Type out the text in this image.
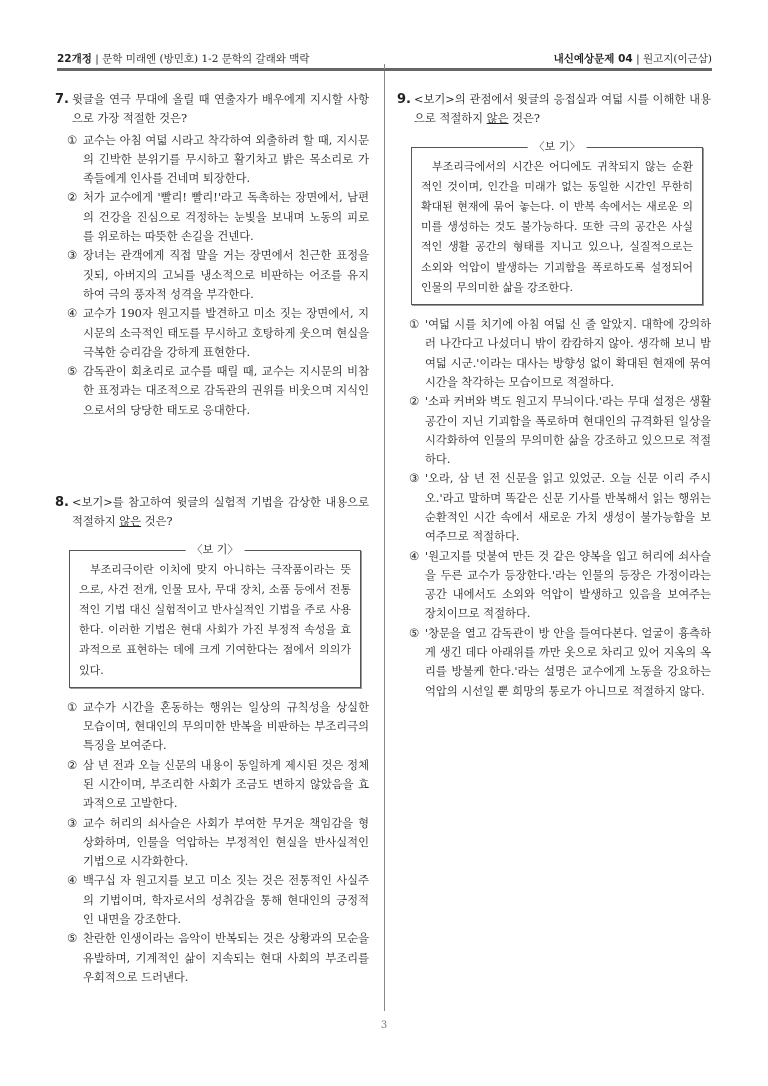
22개정 | 문학 미래엔 (방민호) 1-2 문학의 갈래와 맥락	내신예상문제 04 | 원고지(이근삼)
7. 윗글을 연극 무대에 올릴 때 연출자가 배우에게 지시할 사항으로 가장 적절한 것은?
① 교수는 아침 여덟 시라고 착각하여 외출하려 할 때, 지시문의 긴박한 분위기를 무시하고 활기차고 밝은 목소리로 가족들에게 인사를 건네며 퇴장한다.
② 처가 교수에게 '빨리! 빨리!'라고 독촉하는 장면에서, 남편의 건강을 진심으로 걱정하는 눈빛을 보내며 노동의 피로를 위로하는 따뜻한 손길을 건넨다.
③ 장녀는 관객에게 직접 말을 거는 장면에서 친근한 표정을 짓되, 아버지의 고뇌를 냉소적으로 비판하는 어조를 유지하여 극의 풍자적 성격을 부각한다.
④ 교수가 190자 원고지를 발견하고 미소 짓는 장면에서, 지시문의 소극적인 태도를 무시하고 호탕하게 웃으며 현실을 극복한 승리감을 강하게 표현한다.
⑤ 감독관이 회초리로 교수를 때릴 때, 교수는 지시문의 비참한 표정과는 대조적으로 감독관의 권위를 비웃으며 지식인으로서의 당당한 태도로 응대한다.
8. <보기>를 참고하여 윗글의 실험적 기법을 감상한 내용으로 적절하지 않은 것은?
〈보 기〉

부조리극이란 이치에 맞지 아니하는 극작품이라는 뜻으로, 사건 전개, 인물 묘사, 무대 장치, 소품 등에서 전통적인 기법 대신 실험적이고 반사실적인 기법을 주로 사용한다. 이러한 기법은 현대 사회가 가진 부정적 속성을 효과적으로 표현하는 데에 크게 기여한다는 점에서 의의가 있다.

① 교수가 시간을 혼동하는 행위는 일상의 규칙성을 상실한 모습이며, 현대인의 무의미한 반복을 비판하는 부조리극의 특징을 보여준다.
② 삼 년 전과 오늘 신문의 내용이 동일하게 제시된 것은 정체된 시간이며, 부조리한 사회가 조금도 변하지 않았음을 효과적으로 고발한다.
③ 교수 허리의 쇠사슬은 사회가 부여한 무거운 책임감을 형상화하며, 인물을 억압하는 부정적인 현실을 반사실적인 기법으로 시각화한다.
④ 백구십 자 원고지를 보고 미소 짓는 것은 전통적인 사실주의 기법이며, 학자로서의 성취감을 통해 현대인의 긍정적인 내면을 강조한다.
⑤ 찬란한 인생이라는 음악이 반복되는 것은 상황과의 모순을 유발하며, 기계적인 삶이 지속되는 현대 사회의 부조리를 우회적으로 드러낸다.
9. <보기>의 관점에서 윗글의 응접실과 여덟 시를 이해한 내용으로 적절하지 않은 것은?
〈보 기〉

부조리극에서의 시간은 어디에도 귀착되지 않는 순환적인 것이며, 인간을 미래가 없는 동일한 시간인 무한히 확대된 현재에 묶어 놓는다. 이 반복 속에서는 새로운 의미를 생성하는 것도 불가능하다. 또한 극의 공간은 사실적인 생활 공간의 형태를 지니고 있으나, 실질적으로는 소외와 억압이 발생하는 기괴함을 폭로하도록 설정되어 인물의 무의미한 삶을 강조한다.

① '여덟 시를 치기에 아침 여덟 신 줄 알았지. 대학에 강의하러 나간다고 나섰더니 밖이 캄캄하지 않아. 생각해 보니 밤 여덟 시군.'이라는 대사는 방향성 없이 확대된 현재에 묶여 시간을 착각하는 모습이므로 적절하다.
② '소파 커버와 벽도 원고지 무늬이다.'라는 무대 설정은 생활 공간이 지닌 기괴함을 폭로하며 현대인의 규격화된 일상을 시각화하여 인물의 무의미한 삶을 강조하고 있으므로 적절하다.
③ '오라, 삼 년 전 신문을 읽고 있었군. 오늘 신문 이리 주시오.'라고 말하며 똑같은 신문 기사를 반복해서 읽는 행위는 순환적인 시간 속에서 새로운 가치 생성이 불가능함을 보여주므로 적절하다.
④ '원고지를 덧붙여 만든 것 같은 양복을 입고 허리에 쇠사슬을 두른 교수가 등장한다.'라는 인물의 등장은 가정이라는 공간 내에서도 소외와 억압이 발생하고 있음을 보여주는 장치이므로 적절하다.
⑤ '창문을 열고 감독관이 방 안을 들여다본다. 얼굴이 흉측하게 생긴 데다 아래위를 까만 옷으로 차리고 있어 지옥의 옥리를 방불케 한다.'라는 설명은 교수에게 노동을 강요하는 억압의 시선일 뿐 희망의 통로가 아니므로 적절하지 않다.
3
